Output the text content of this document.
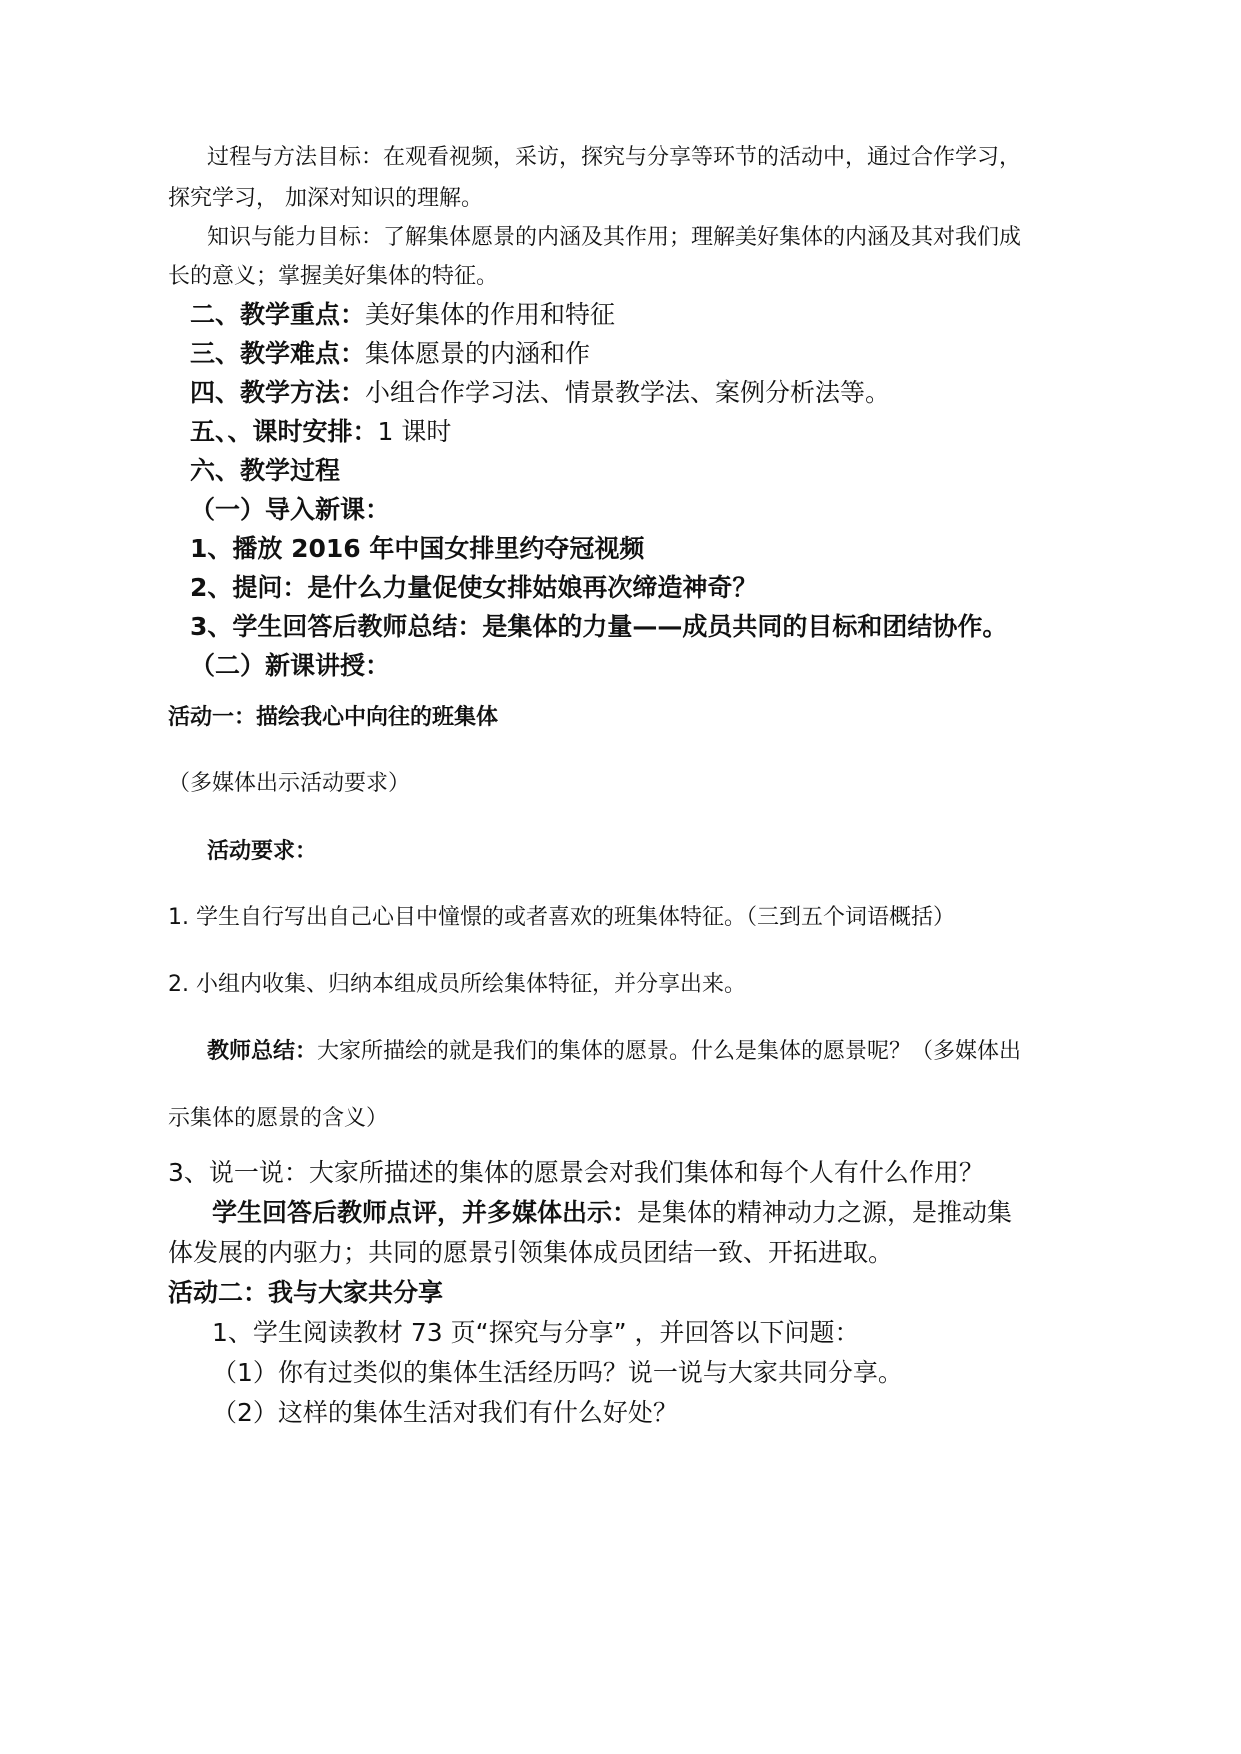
过程与方法目标：在观看视频，采访，探究与分享等环节的活动中，通过合作学习，
探究学习， 加深对知识的理解。
知识与能力目标：了解集体愿景的内涵及其作用；理解美好集体的内涵及其对我们成
长的意义；掌握美好集体的特征。
二、教学重点：美好集体的作用和特征
三、教学难点：集体愿景的内涵和作
四、教学方法：小组合作学习法、情景教学法、案例分析法等。
五、、课时安排：1 课时
六、教学过程
（一）导入新课：
1、播放 2016 年中国女排里约夺冠视频
2、提问：是什么力量促使女排姑娘再次缔造神奇？
3、学生回答后教师总结：是集体的力量——成员共同的目标和团结协作。
（二）新课讲授：
活动一：描绘我心中向往的班集体
（多媒体出示活动要求）
活动要求：
1. 学生自行写出自己心目中憧憬的或者喜欢的班集体特征。（三到五个词语概括）
2. 小组内收集、归纳本组成员所绘集体特征，并分享出来。
教师总结：大家所描绘的就是我们的集体的愿景。什么是集体的愿景呢？（多媒体出
示集体的愿景的含义）
3、说一说：大家所描述的集体的愿景会对我们集体和每个人有什么作用？
学生回答后教师点评，并多媒体出示：是集体的精神动力之源，是推动集
体发展的内驱力；共同的愿景引领集体成员团结一致、开拓进取。
活动二：我与大家共分享
1、学生阅读教材 73 页“探究与分享” ，并回答以下问题：
（1）你有过类似的集体生活经历吗？说一说与大家共同分享。
（2）这样的集体生活对我们有什么好处？
